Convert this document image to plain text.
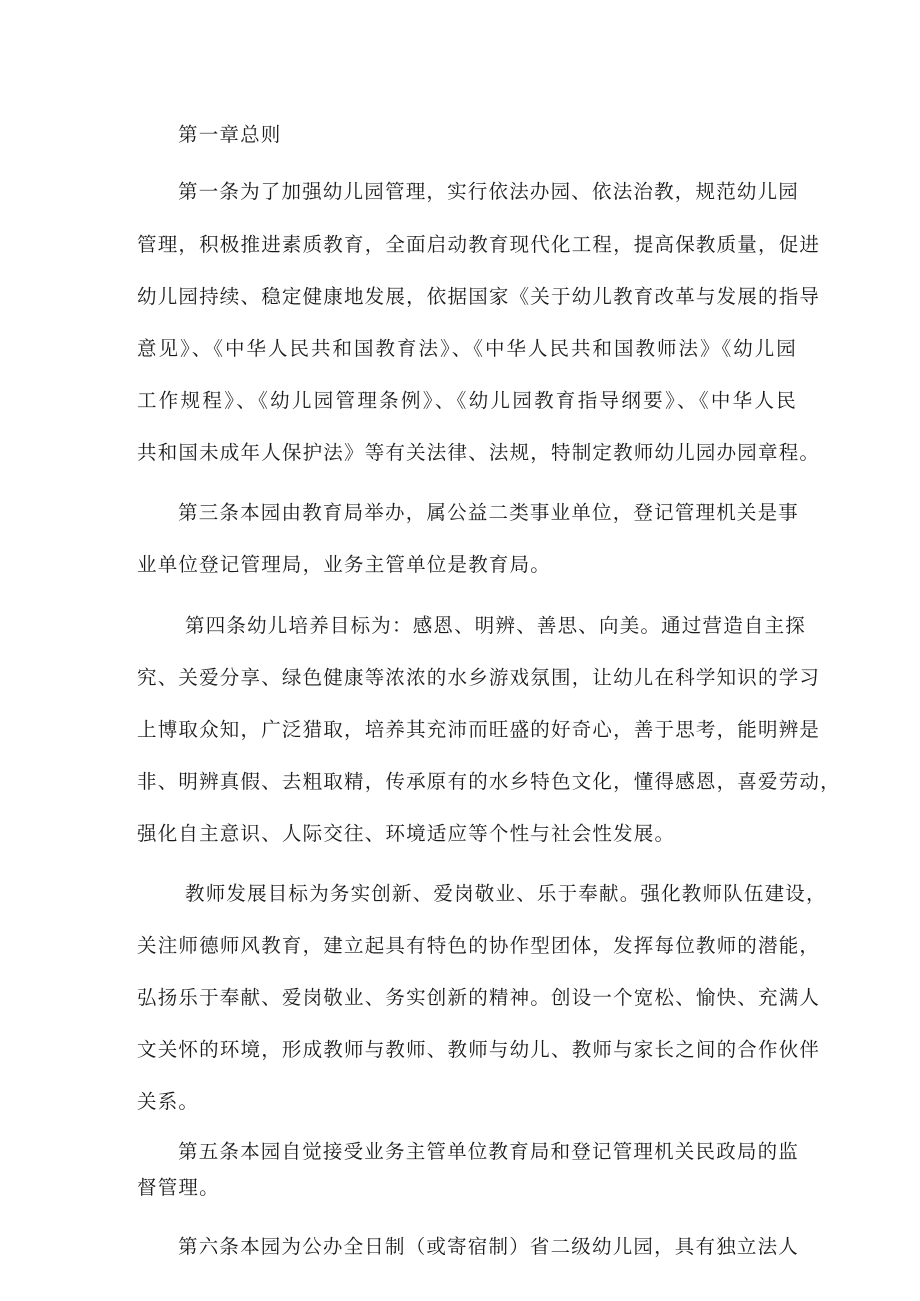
第一章总则
第一条为了加强幼儿园管理，实行依法办园、依法治教，规范幼儿园
管理，积极推进素质教育，全面启动教育现代化工程，提高保教质量，促进
幼儿园持续、稳定健康地发展，依据国家《关于幼儿教育改革与发展的指导
意见》、《中华人民共和国教育法》、《中华人民共和国教师法》《幼儿园
工作规程》、《幼儿园管理条例》、《幼儿园教育指导纲要》、《中华人民
共和国未成年人保护法》等有关法律、法规，特制定教师幼儿园办园章程。
第三条本园由教育局举办，属公益二类事业单位，登记管理机关是事
业单位登记管理局，业务主管单位是教育局。
第四条幼儿培养目标为：感恩、明辨、善思、向美。通过营造自主探
究、关爱分享、绿色健康等浓浓的水乡游戏氛围，让幼儿在科学知识的学习
上博取众知，广泛猎取，培养其充沛而旺盛的好奇心，善于思考，能明辨是
非、明辨真假、去粗取精，传承原有的水乡特色文化，懂得感恩，喜爱劳动，
强化自主意识、人际交往、环境适应等个性与社会性发展。
教师发展目标为务实创新、爱岗敬业、乐于奉献。强化教师队伍建设，
关注师德师风教育，建立起具有特色的协作型团体，发挥每位教师的潜能，
弘扬乐于奉献、爱岗敬业、务实创新的精神。创设一个宽松、愉快、充满人
文关怀的环境，形成教师与教师、教师与幼儿、教师与家长之间的合作伙伴
关系。
第五条本园自觉接受业务主管单位教育局和登记管理机关民政局的监
督管理。
第六条本园为公办全日制（或寄宿制）省二级幼儿园，具有独立法人
